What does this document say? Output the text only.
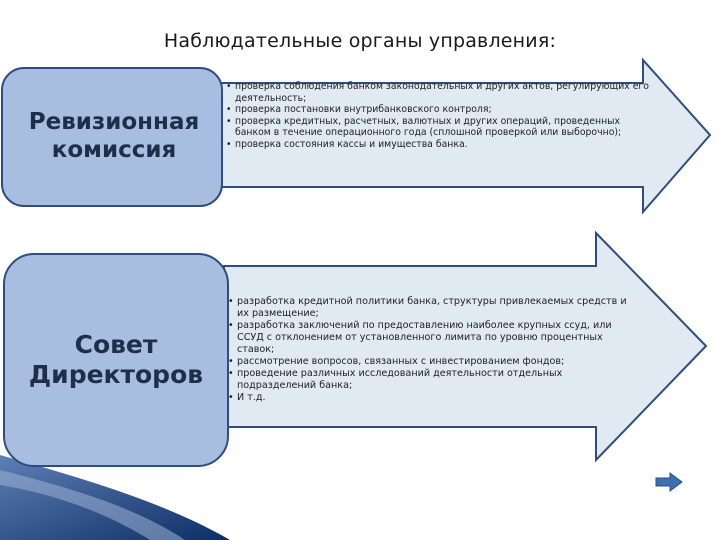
Наблюдательные органы управления:
Ревизионная комиссия
Совет Директоров
• проверка соблюдения банком законодательных и других актов, регулирующих его деятельность;
• проверка постановки внутрибанковского контроля;
• проверка кредитных, расчетных, валютных и других операций, проведенных банком в течение операционного года (сплошной проверкой или выборочно);
• проверка состояния кассы и имущества банка.
• разработка кредитной политики банка, структуры привлекаемых средств и их размещение;
• разработка заключений по предоставлению наиболее крупных ссуд, или ССУД с отклонением от установленного лимита по уровню процентных ставок;
• рассмотрение вопросов, связанных с инвестированием фондов;
• проведение различных исследований деятельности отдельных подразделений банка;
• И т.д.
